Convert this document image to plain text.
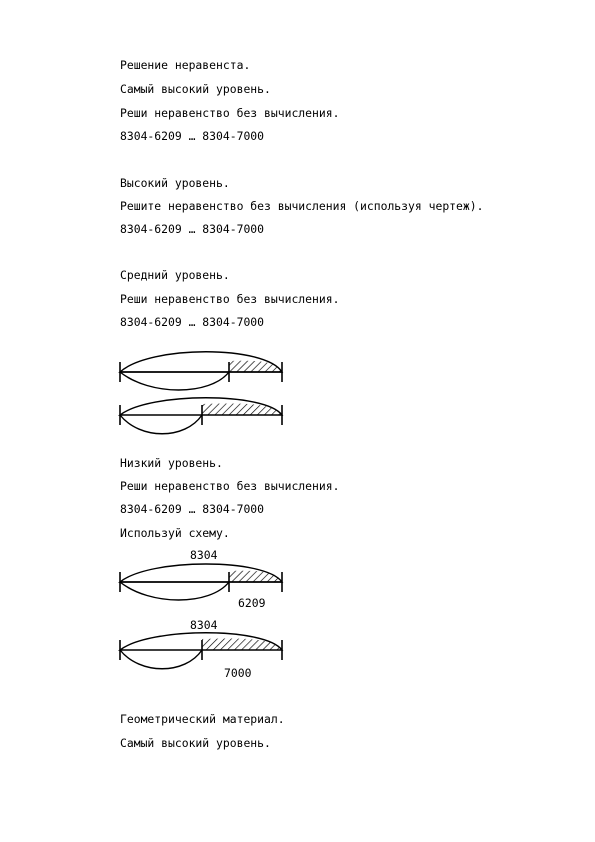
Решение неравенста.
Самый высокий уровень.
Реши неравенство без вычисления.
8304-6209 … 8304-7000
Высокий уровень.
Решите неравенство без вычисления (используя чертеж).
8304-6209 … 8304-7000
Средний уровень.
Реши неравенство без вычисления.
8304-6209 … 8304-7000
Низкий уровень.
Реши неравенство без вычисления.
8304-6209 … 8304-7000
Используй схему.
8304
6209
8304
7000
Геометрический материал.
Самый высокий уровень.
